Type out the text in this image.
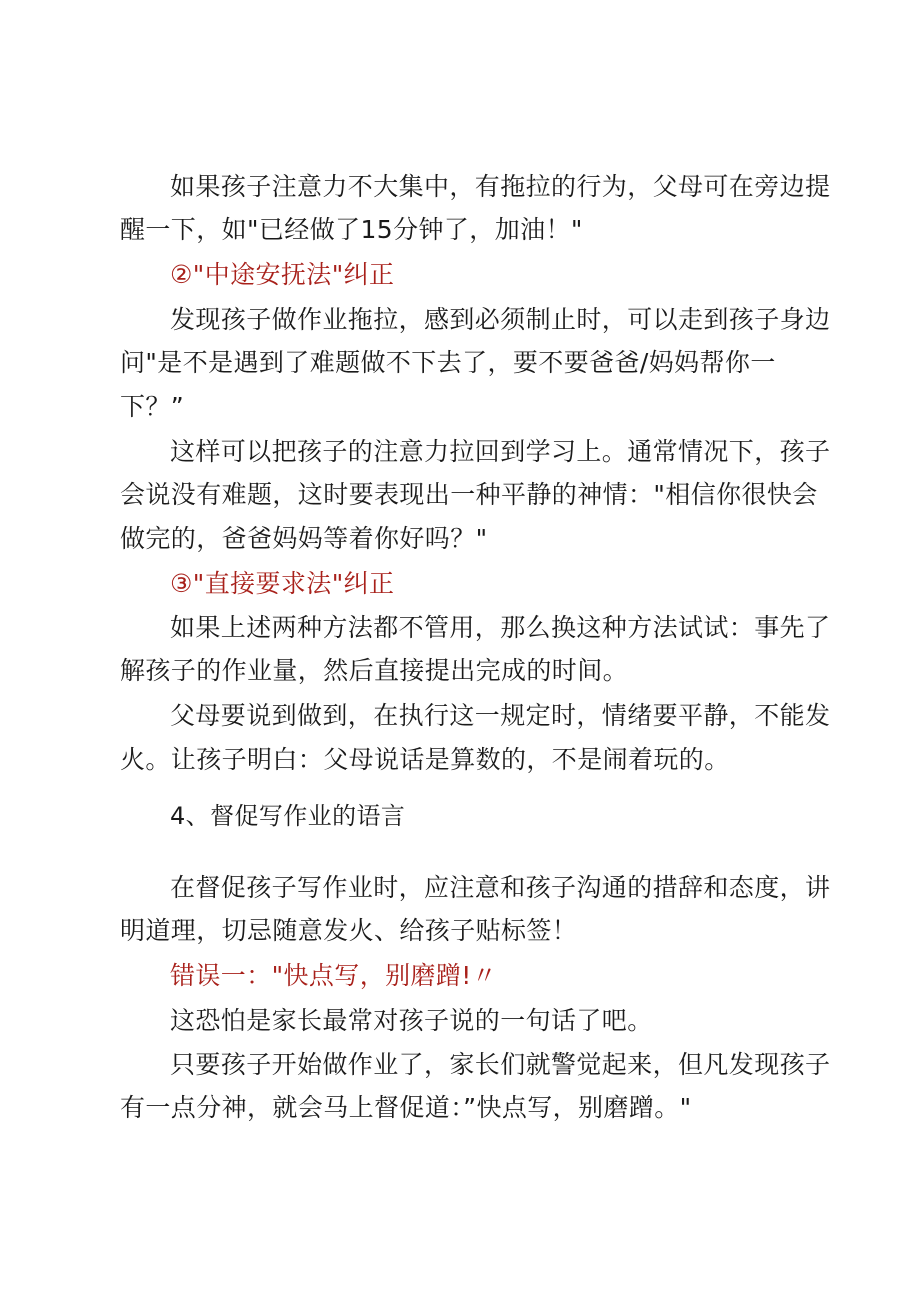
如果孩子注意力不大集中，有拖拉的行为，父母可在旁边提
醒一下，如"已经做了15分钟了，加油！"
②"中途安抚法"纠正
发现孩子做作业拖拉，感到必须制止时，可以走到孩子身边
问"是不是遇到了难题做不下去了，要不要爸爸/妈妈帮你一
下？”
这样可以把孩子的注意力拉回到学习上。通常情况下，孩子
会说没有难题，这时要表现出一种平静的神情："相信你很快会
做完的，爸爸妈妈等着你好吗？"
③"直接要求法"纠正
如果上述两种方法都不管用，那么换这种方法试试：事先了
解孩子的作业量，然后直接提出完成的时间。
父母要说到做到，在执行这一规定时，情绪要平静，不能发
火。让孩子明白：父母说话是算数的，不是闹着玩的。
4、督促写作业的语言
在督促孩子写作业时，应注意和孩子沟通的措辞和态度，讲
明道理，切忌随意发火、给孩子贴标签！
错误一："快点写，别磨蹭!〃
这恐怕是家长最常对孩子说的一句话了吧。
只要孩子开始做作业了，家长们就警觉起来，但凡发现孩子
有一点分神，就会马上督促道：”快点写，别磨蹭。"
